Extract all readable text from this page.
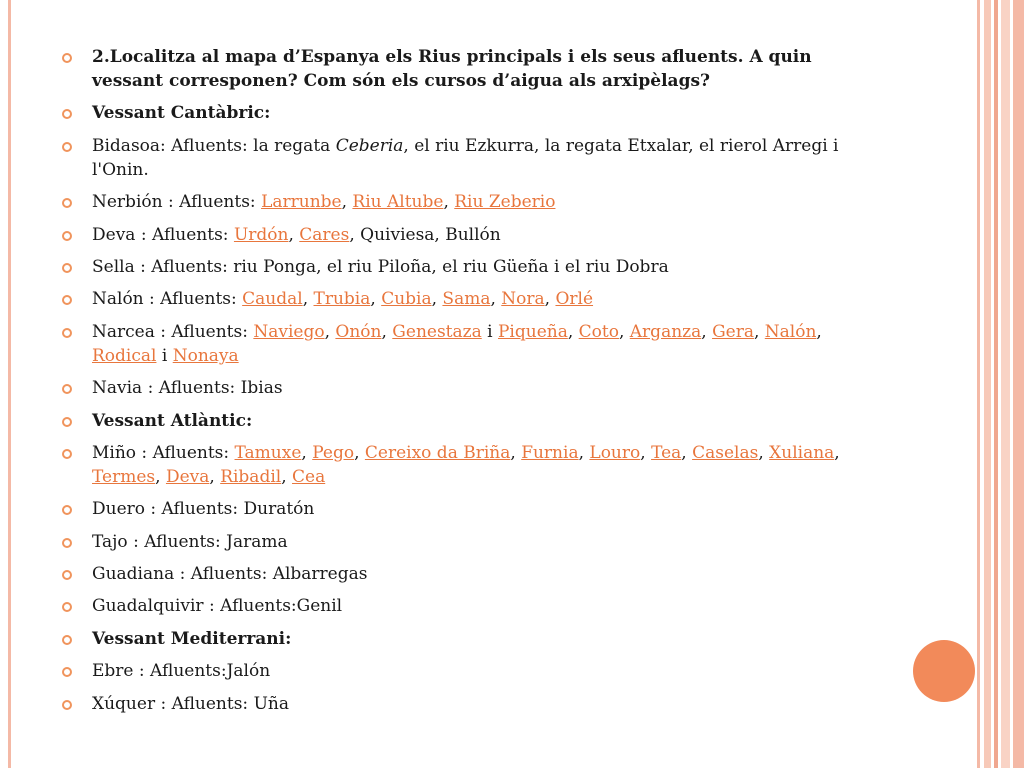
2.Localitza al mapa d’Espanya els Rius principals i els seus afluents. A quin vessant corresponen? Com són els cursos d’aigua als arxipèlags?
Vessant Cantàbric:
Bidasoa: Afluents: la regata Ceberia, el riu Ezkurra, la regata Etxalar, el rierol Arregi i l'Onin.
Nerbión : Afluents: Larrunbe, Riu Altube, Riu Zeberio
Deva : Afluents: Urdón, Cares, Quiviesa, Bullón
Sella : Afluents: riu Ponga, el riu Piloña, el riu Güeña i el riu Dobra
Nalón : Afluents: Caudal, Trubia, Cubia, Sama, Nora, Orlé
Narcea : Afluents: Naviego, Onón, Genestaza i Piqueña, Coto, Arganza, Gera, Nalón, Rodical i Nonaya
Navia : Afluents: Ibias
Vessant Atlàntic:
Miño : Afluents: Tamuxe, Pego, Cereixo da Briña, Furnia, Louro, Tea, Caselas, Xuliana, Termes, Deva, Ribadil, Cea
Duero : Afluents: Duratón
Tajo : Afluents: Jarama
Guadiana : Afluents: Albarregas
Guadalquivir : Afluents:Genil
Vessant Mediterrani:
Ebre : Afluents:Jalón
Xúquer : Afluents: Uña
